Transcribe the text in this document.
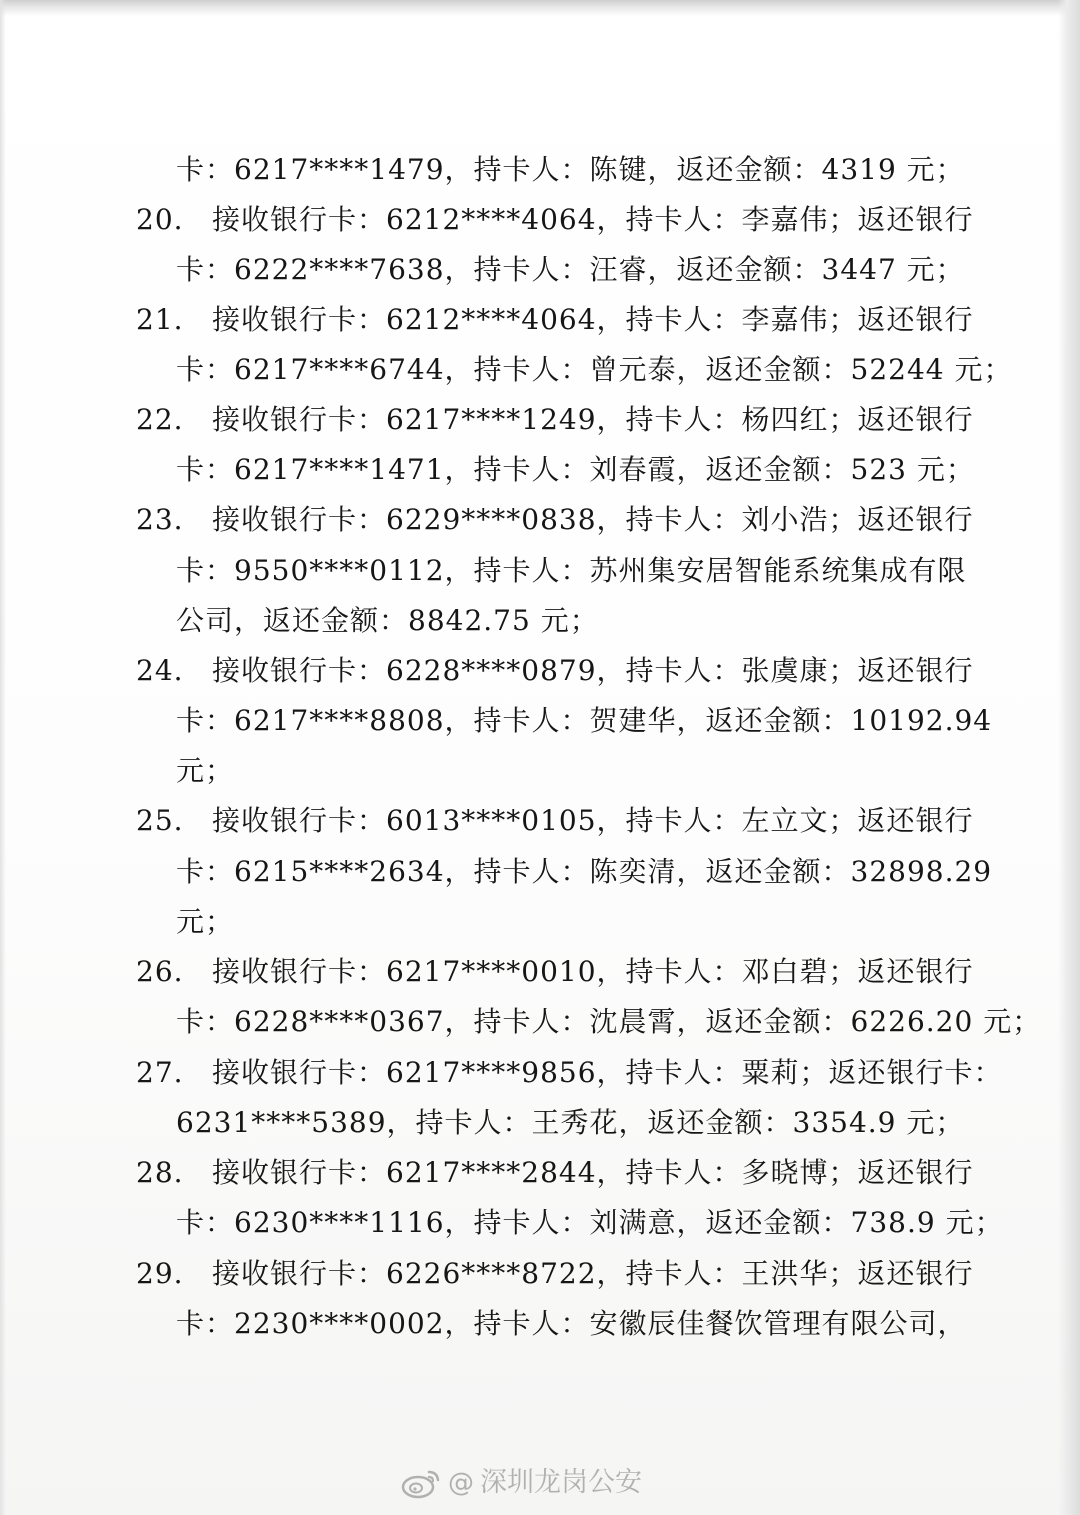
卡：6217****1479，持卡人：陈键，返还金额：4319 元；
20. 接收银行卡：6212****4064，持卡人：李嘉伟；返还银行
卡：6222****7638，持卡人：汪睿，返还金额：3447 元；
21. 接收银行卡：6212****4064，持卡人：李嘉伟；返还银行
卡：6217****6744，持卡人：曾元泰，返还金额：52244 元；
22. 接收银行卡：6217****1249，持卡人：杨四红；返还银行
卡：6217****1471，持卡人：刘春霞，返还金额：523 元；
23. 接收银行卡：6229****0838，持卡人：刘小浩；返还银行
卡：9550****0112，持卡人：苏州集安居智能系统集成有限
公司，返还金额：8842.75 元；
24. 接收银行卡：6228****0879，持卡人：张虞康；返还银行
卡：6217****8808，持卡人：贺建华，返还金额：10192.94
元；
25. 接收银行卡：6013****0105，持卡人：左立文；返还银行
卡：6215****2634，持卡人：陈奕清，返还金额：32898.29
元；
26. 接收银行卡：6217****0010，持卡人：邓白碧；返还银行
卡：6228****0367，持卡人：沈晨霄，返还金额：6226.20 元；
27. 接收银行卡：6217****9856，持卡人：粟莉；返还银行卡：
6231****5389，持卡人：王秀花，返还金额：3354.9 元；
28. 接收银行卡：6217****2844，持卡人：多晓博；返还银行
卡：6230****1116，持卡人：刘满意，返还金额：738.9 元；
29. 接收银行卡：6226****8722，持卡人：王洪华；返还银行
卡：2230****0002，持卡人：安徽辰佳餐饮管理有限公司，
@ 深圳龙岗公安
